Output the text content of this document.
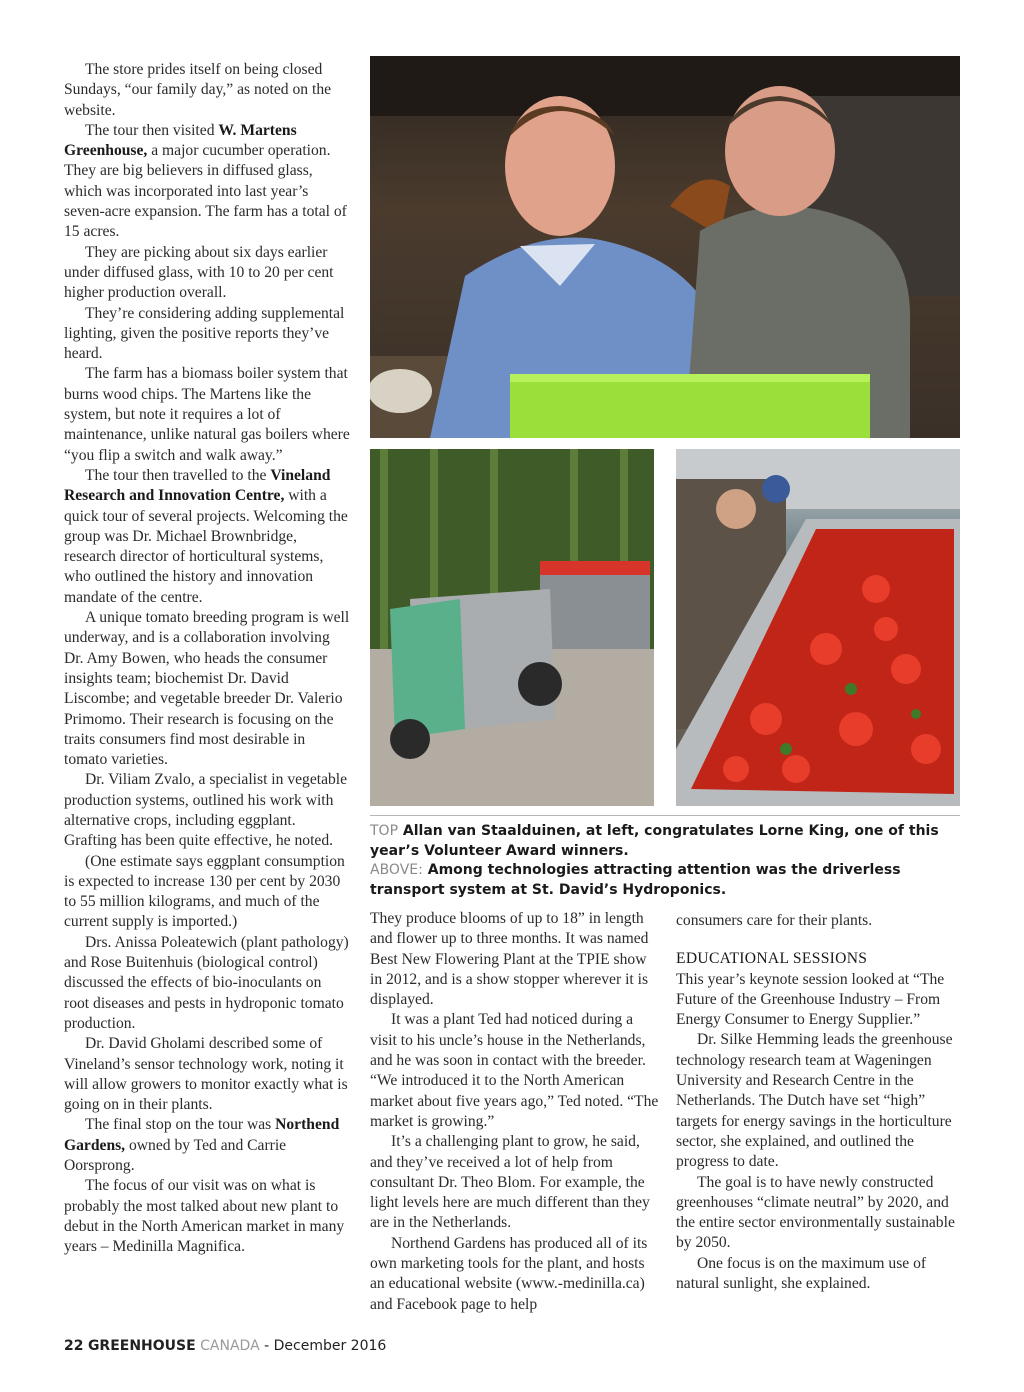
The store prides itself on being closed Sundays, “our family day,” as noted on the website.

The tour then visited W. Martens Greenhouse, a major cucumber operation. They are big believers in diffused glass, which was incorporated into last year’s seven-acre expansion. The farm has a total of 15 acres.

They are picking about six days earlier under diffused glass, with 10 to 20 per cent higher production overall.

They’re considering adding supplemental lighting, given the positive reports they’ve heard.

The farm has a biomass boiler system that burns wood chips. The Martens like the system, but note it requires a lot of maintenance, unlike natural gas boilers where “you flip a switch and walk away.”

The tour then travelled to the Vineland Research and Innovation Centre, with a quick tour of several projects. Welcoming the group was Dr. Michael Brownbridge, research director of horticultural systems, who outlined the history and innovation mandate of the centre.

A unique tomato breeding program is well underway, and is a collaboration involving Dr. Amy Bowen, who heads the consumer insights team; biochemist Dr. David Liscombe; and vegetable breeder Dr. Valerio Primomo. Their research is focusing on the traits consumers find most desirable in tomato varieties.

Dr. Viliam Zvalo, a specialist in vegetable production systems, outlined his work with alternative crops, including eggplant. Grafting has been quite effective, he noted.

(One estimate says eggplant consumption is expected to increase 130 per cent by 2030 to 55 million kilograms, and much of the current supply is imported.)

Drs. Anissa Poleatewich (plant pathology) and Rose Buitenhuis (biological control) discussed the effects of bio-inoculants on root diseases and pests in hydroponic tomato production.

Dr. David Gholami described some of Vineland’s sensor technology work, noting it will allow growers to monitor exactly what is going on in their plants.

The final stop on the tour was Northend Gardens, owned by Ted and Carrie Oorsprong.

The focus of our visit was on what is probably the most talked about new plant to debut in the North American market in many years – Medinilla Magnifica.

TOP Allan van Staalduinen, at left, congratulates Lorne King, one of this year’s Volunteer Award winners.
ABOVE: Among technologies attracting attention was the driverless transport system at St. David’s Hydroponics.

They produce blooms of up to 18” in length and flower up to three months. It was named Best New Flowering Plant at the TPIE show in 2012, and is a show stopper wherever it is displayed.

It was a plant Ted had noticed during a visit to his uncle’s house in the Netherlands, and he was soon in contact with the breeder. “We introduced it to the North American market about five years ago,” Ted noted. “The market is growing.”

It’s a challenging plant to grow, he said, and they’ve received a lot of help from consultant Dr. Theo Blom. For example, the light levels here are much different than they are in the Netherlands.

Northend Gardens has produced all of its own marketing tools for the plant, and hosts an educational website (www.-medinilla.ca) and Facebook page to help

consumers care for their plants.

EDUCATIONAL SESSIONS

This year’s keynote session looked at “The Future of the Greenhouse Industry – From Energy Consumer to Energy Supplier.”

Dr. Silke Hemming leads the greenhouse technology research team at Wageningen University and Research Centre in the Netherlands. The Dutch have set “high” targets for energy savings in the horticulture sector, she explained, and outlined the progress to date.

The goal is to have newly constructed greenhouses “climate neutral” by 2020, and the entire sector environmentally sustainable by 2050.

One focus is on the maximum use of natural sunlight, she explained.

22 GREENHOUSE CANADA - December 2016
